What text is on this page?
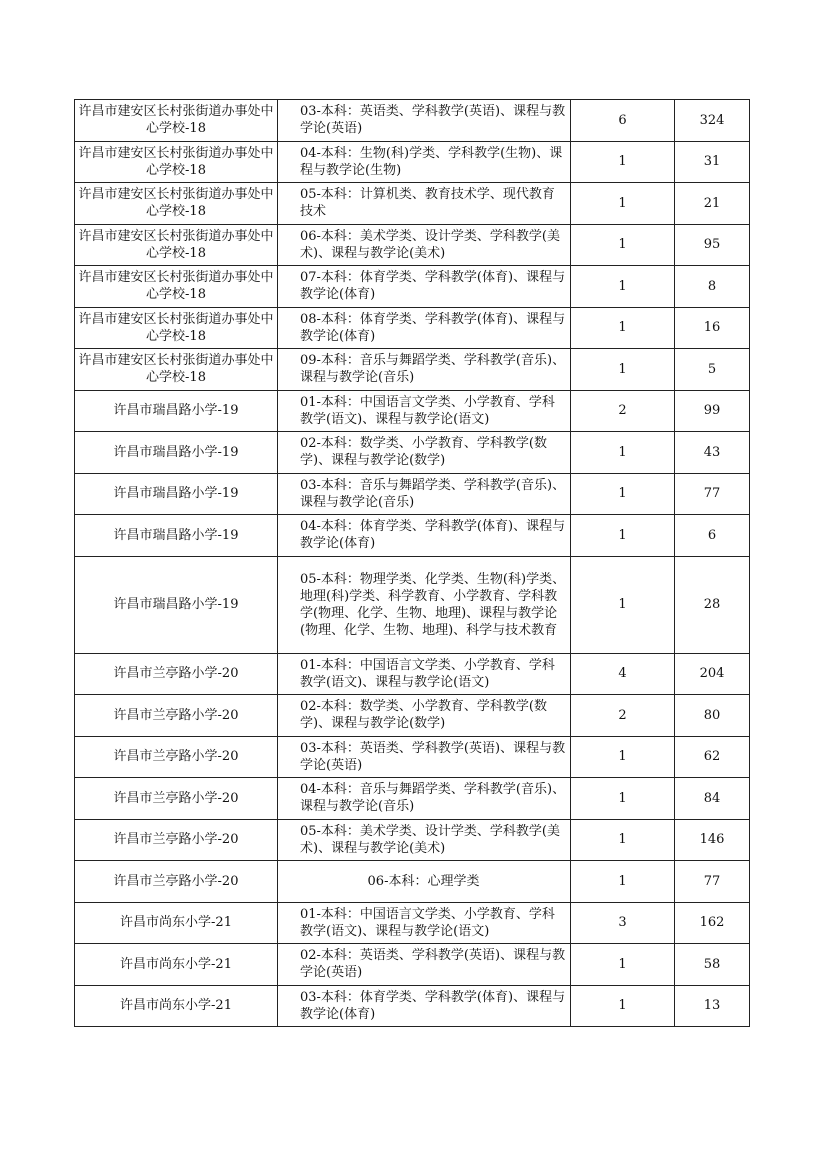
许昌市建安区长村张街道办事处中心学校-18	03-本科：英语类、学科教学(英语)、课程与教学论(英语)	6	324
许昌市建安区长村张街道办事处中心学校-18	04-本科：生物(科)学类、学科教学(生物)、课程与教学论(生物)	1	31
许昌市建安区长村张街道办事处中心学校-18	05-本科：计算机类、教育技术学、现代教育技术	1	21
许昌市建安区长村张街道办事处中心学校-18	06-本科：美术学类、设计学类、学科教学(美术)、课程与教学论(美术)	1	95
许昌市建安区长村张街道办事处中心学校-18	07-本科：体育学类、学科教学(体育)、课程与教学论(体育)	1	8
许昌市建安区长村张街道办事处中心学校-18	08-本科：体育学类、学科教学(体育)、课程与教学论(体育)	1	16
许昌市建安区长村张街道办事处中心学校-18	09-本科：音乐与舞蹈学类、学科教学(音乐)、课程与教学论(音乐)	1	5
许昌市瑞昌路小学-19	01-本科：中国语言文学类、小学教育、学科教学(语文)、课程与教学论(语文)	2	99
许昌市瑞昌路小学-19	02-本科：数学类、小学教育、学科教学(数学)、课程与教学论(数学)	1	43
许昌市瑞昌路小学-19	03-本科：音乐与舞蹈学类、学科教学(音乐)、课程与教学论(音乐)	1	77
许昌市瑞昌路小学-19	04-本科：体育学类、学科教学(体育)、课程与教学论(体育)	1	6
许昌市瑞昌路小学-19	05-本科：物理学类、化学类、生物(科)学类、地理(科)学类、科学教育、小学教育、学科教学(物理、化学、生物、地理)、课程与教学论(物理、化学、生物、地理)、科学与技术教育	1	28
许昌市兰亭路小学-20	01-本科：中国语言文学类、小学教育、学科教学(语文)、课程与教学论(语文)	4	204
许昌市兰亭路小学-20	02-本科：数学类、小学教育、学科教学(数学)、课程与教学论(数学)	2	80
许昌市兰亭路小学-20	03-本科：英语类、学科教学(英语)、课程与教学论(英语)	1	62
许昌市兰亭路小学-20	04-本科：音乐与舞蹈学类、学科教学(音乐)、课程与教学论(音乐)	1	84
许昌市兰亭路小学-20	05-本科：美术学类、设计学类、学科教学(美术)、课程与教学论(美术)	1	146
许昌市兰亭路小学-20	06-本科：心理学类	1	77
许昌市尚东小学-21	01-本科：中国语言文学类、小学教育、学科教学(语文)、课程与教学论(语文)	3	162
许昌市尚东小学-21	02-本科：英语类、学科教学(英语)、课程与教学论(英语)	1	58
许昌市尚东小学-21	03-本科：体育学类、学科教学(体育)、课程与教学论(体育)	1	13
